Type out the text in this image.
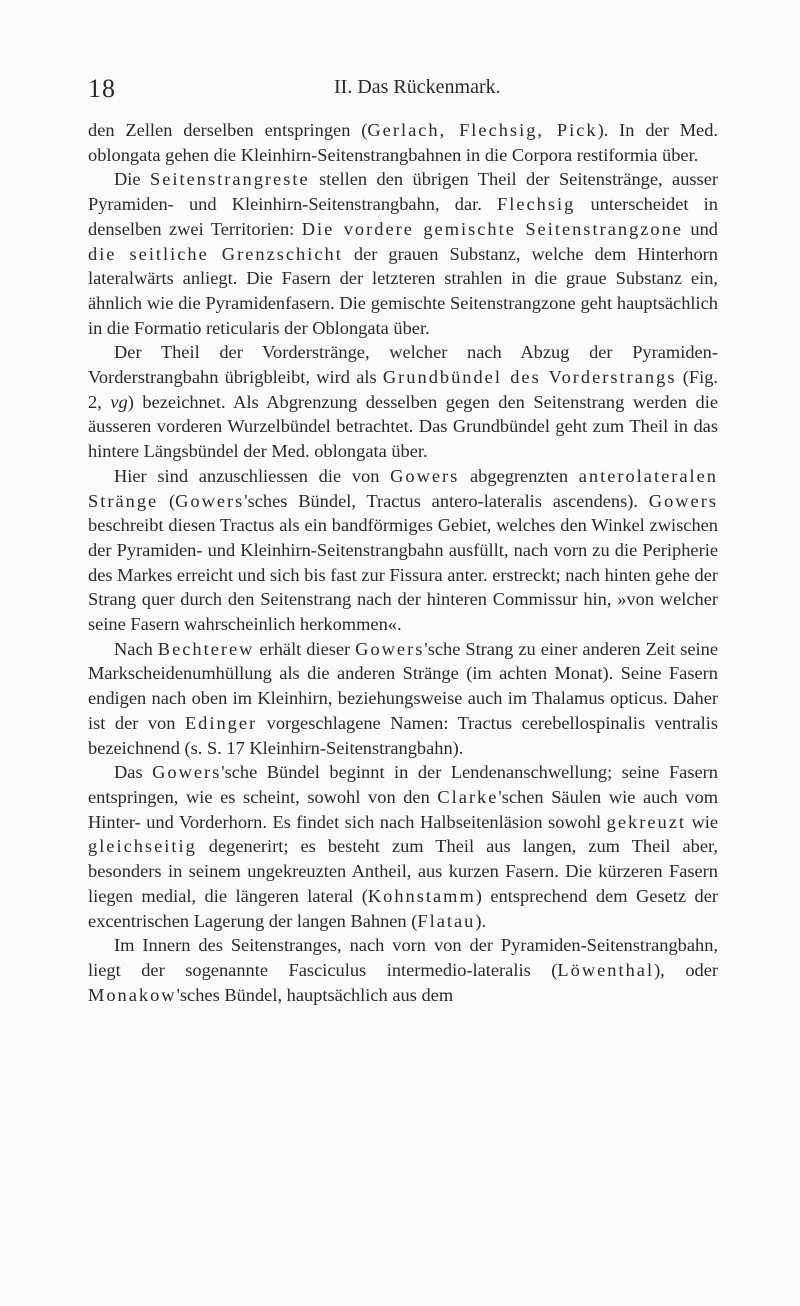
18	II. Das Rückenmark.

den Zellen derselben entspringen (Gerlach, Flechsig, Pick). In der Med. oblongata gehen die Kleinhirn-Seitenstrangbahnen in die Corpora restiformia über.

Die Seitenstrangreste stellen den übrigen Theil der Seitenstränge, ausser Pyramiden- und Kleinhirn-Seitenstrangbahn, dar. Flechsig unterscheidet in denselben zwei Territorien: Die vordere gemischte Seitenstrangzone und die seitliche Grenzschicht der grauen Substanz, welche dem Hinterhorn lateralwärts anliegt. Die Fasern der letzteren strahlen in die graue Substanz ein, ähnlich wie die Pyramidenfasern. Die gemischte Seitenstrangzone geht hauptsächlich in die Formatio reticularis der Oblongata über.

Der Theil der Vorderstränge, welcher nach Abzug der Pyramiden-Vorderstrangbahn übrigbleibt, wird als Grundbündel des Vorderstrangs (Fig. 2, vg) bezeichnet. Als Abgrenzung desselben gegen den Seitenstrang werden die äusseren vorderen Wurzelbündel betrachtet. Das Grundbündel geht zum Theil in das hintere Längsbündel der Med. oblongata über.

Hier sind anzuschliessen die von Gowers abgegrenzten anterolateralen Stränge (Gowers'sches Bündel, Tractus antero-lateralis ascendens). Gowers beschreibt diesen Tractus als ein bandförmiges Gebiet, welches den Winkel zwischen der Pyramiden- und Kleinhirn-Seitenstrangbahn ausfüllt, nach vorn zu die Peripherie des Markes erreicht und sich bis fast zur Fissura anter. erstreckt; nach hinten gehe der Strang quer durch den Seitenstrang nach der hinteren Commissur hin, »von welcher seine Fasern wahrscheinlich herkommen«.

Nach Bechterew erhält dieser Gowers'sche Strang zu einer anderen Zeit seine Markscheidenumhüllung als die anderen Stränge (im achten Monat). Seine Fasern endigen nach oben im Kleinhirn, beziehungsweise auch im Thalamus opticus. Daher ist der von Edinger vorgeschlagene Namen: Tractus cerebellospinalis ventralis bezeichnend (s. S. 17 Kleinhirn-Seitenstrangbahn).

Das Gowers'sche Bündel beginnt in der Lendenanschwellung; seine Fasern entspringen, wie es scheint, sowohl von den Clarke'schen Säulen wie auch vom Hinter- und Vorderhorn. Es findet sich nach Halbseitenläsion sowohl gekreuzt wie gleichseitig degenerirt; es besteht zum Theil aus langen, zum Theil aber, besonders in seinem ungekreuzten Antheil, aus kurzen Fasern. Die kürzeren Fasern liegen medial, die längeren lateral (Kohnstamm) entsprechend dem Gesetz der excentrischen Lagerung der langen Bahnen (Flatau).

Im Innern des Seitenstranges, nach vorn von der Pyramiden-Seitenstrangbahn, liegt der sogenannte Fasciculus intermedio-lateralis (Löwenthal), oder Monakow'sches Bündel, hauptsächlich aus dem
